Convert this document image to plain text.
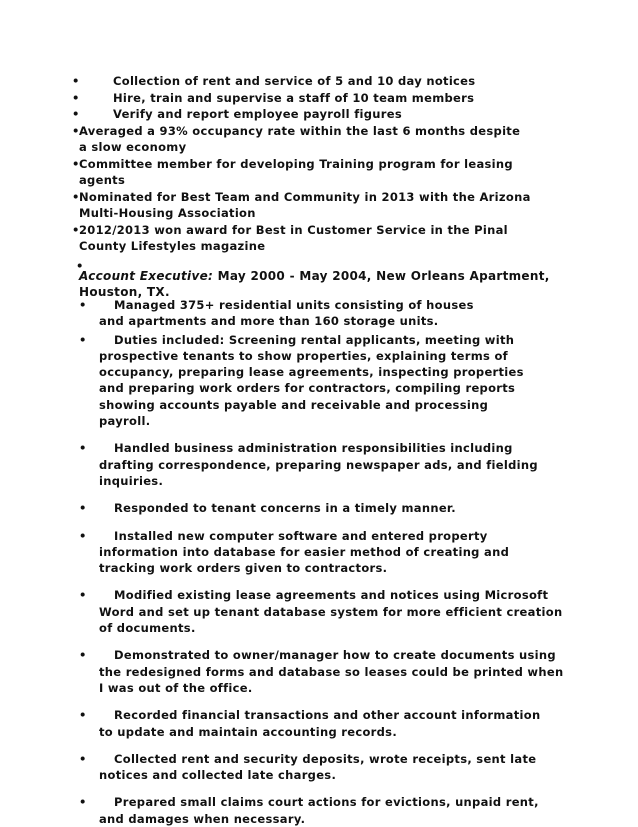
•	Collection of rent and service of 5 and 10 day notices
•	Hire, train and supervise a staff of 10 team members
•	Verify and report employee payroll figures
• Averaged a 93% occupancy rate within the last 6 months despite a slow economy
• Committee member for developing Training program for leasing agents
• Nominated for Best Team and Community in 2013 with the Arizona Multi-Housing Association
• 2012/2013 won award for Best in Customer Service in the Pinal County Lifestyles magazine
•
Account Executive: May 2000 - May 2004, New Orleans Apartment, Houston, TX.
•	Managed 375+ residential units consisting of houses and apartments and more than 160 storage units.
•	Duties included: Screening rental applicants, meeting with prospective tenants to show properties, explaining terms of occupancy, preparing lease agreements, inspecting properties and preparing work orders for contractors, compiling reports showing accounts payable and receivable and processing payroll.
•	Handled business administration responsibilities including drafting correspondence, preparing newspaper ads, and fielding inquiries.
•	Responded to tenant concerns in a timely manner.
•	Installed new computer software and entered property information into database for easier method of creating and tracking work orders given to contractors.
•	Modified existing lease agreements and notices using Microsoft Word and set up tenant database system for more efficient creation of documents.
•	Demonstrated to owner/manager how to create documents using the redesigned forms and database so leases could be printed when I was out of the office.
•	Recorded financial transactions and other account information to update and maintain accounting records.
•	Collected rent and security deposits, wrote receipts, sent late notices and collected late charges.
•	Prepared small claims court actions for evictions, unpaid rent, and damages when necessary.
